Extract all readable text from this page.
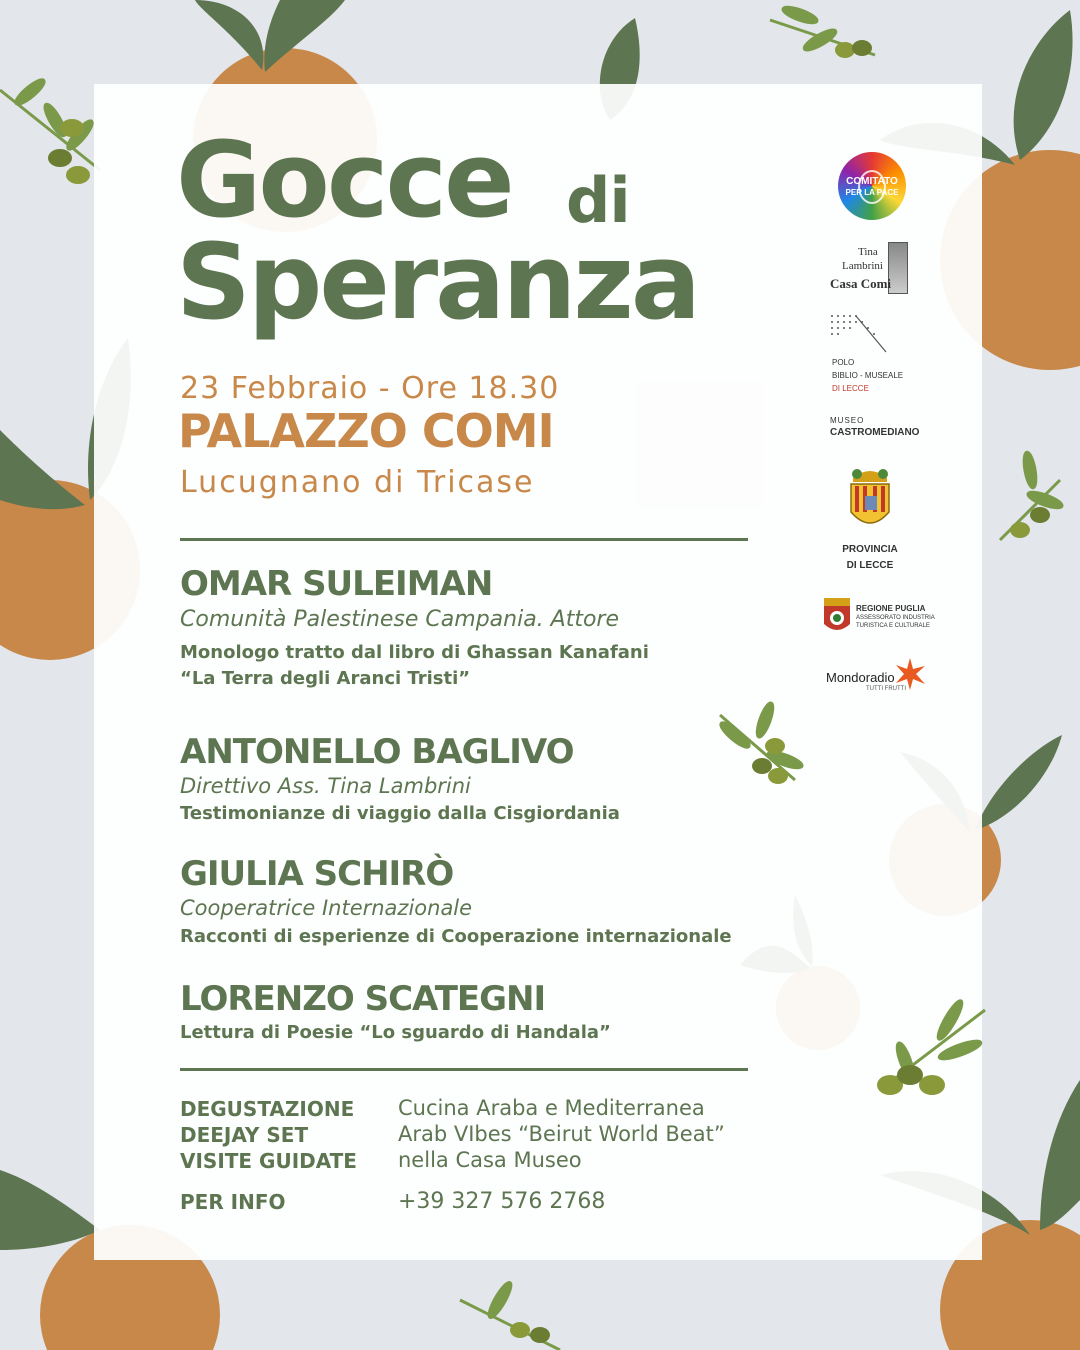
Gocce di
Speranza
23 Febbraio - Ore 18.30
PALAZZO COMI
Lucugnano di Tricase
OMAR SULEIMAN
Comunità Palestinese Campania. Attore
Monologo tratto dal libro di Ghassan Kanafani
“La Terra degli Aranci Tristi”
ANTONELLO BAGLIVO
Direttivo Ass. Tina Lambrini
Testimonianze di viaggio dalla Cisgiordania
GIULIA SCHIRÒ
Cooperatrice Internazionale
Racconti di esperienze di Cooperazione internazionale
LORENZO SCATEGNI
Lettura di Poesie “Lo sguardo di Handala”
DEGUSTAZIONE Cucina Araba e Mediterranea
DEEJAY SET	Arab VIbes “Beirut World Beat”
VISITE GUIDATE nella Casa Museo
PER INFO	+39 327 576 2768
COMITATO
PER LA PACE
Tina
Lambrini
Casa Comi
POLO
BIBLIO - MUSEALE
DI LECCE
MUSEO
CASTROMEDIANO
PROVINCIA
DI LECCE
REGIONE PUGLIA
ASSESSORATO INDUSTRIA
TURISTICA E CULTURALE
Mondoradio
TUTTI FRUTTI
